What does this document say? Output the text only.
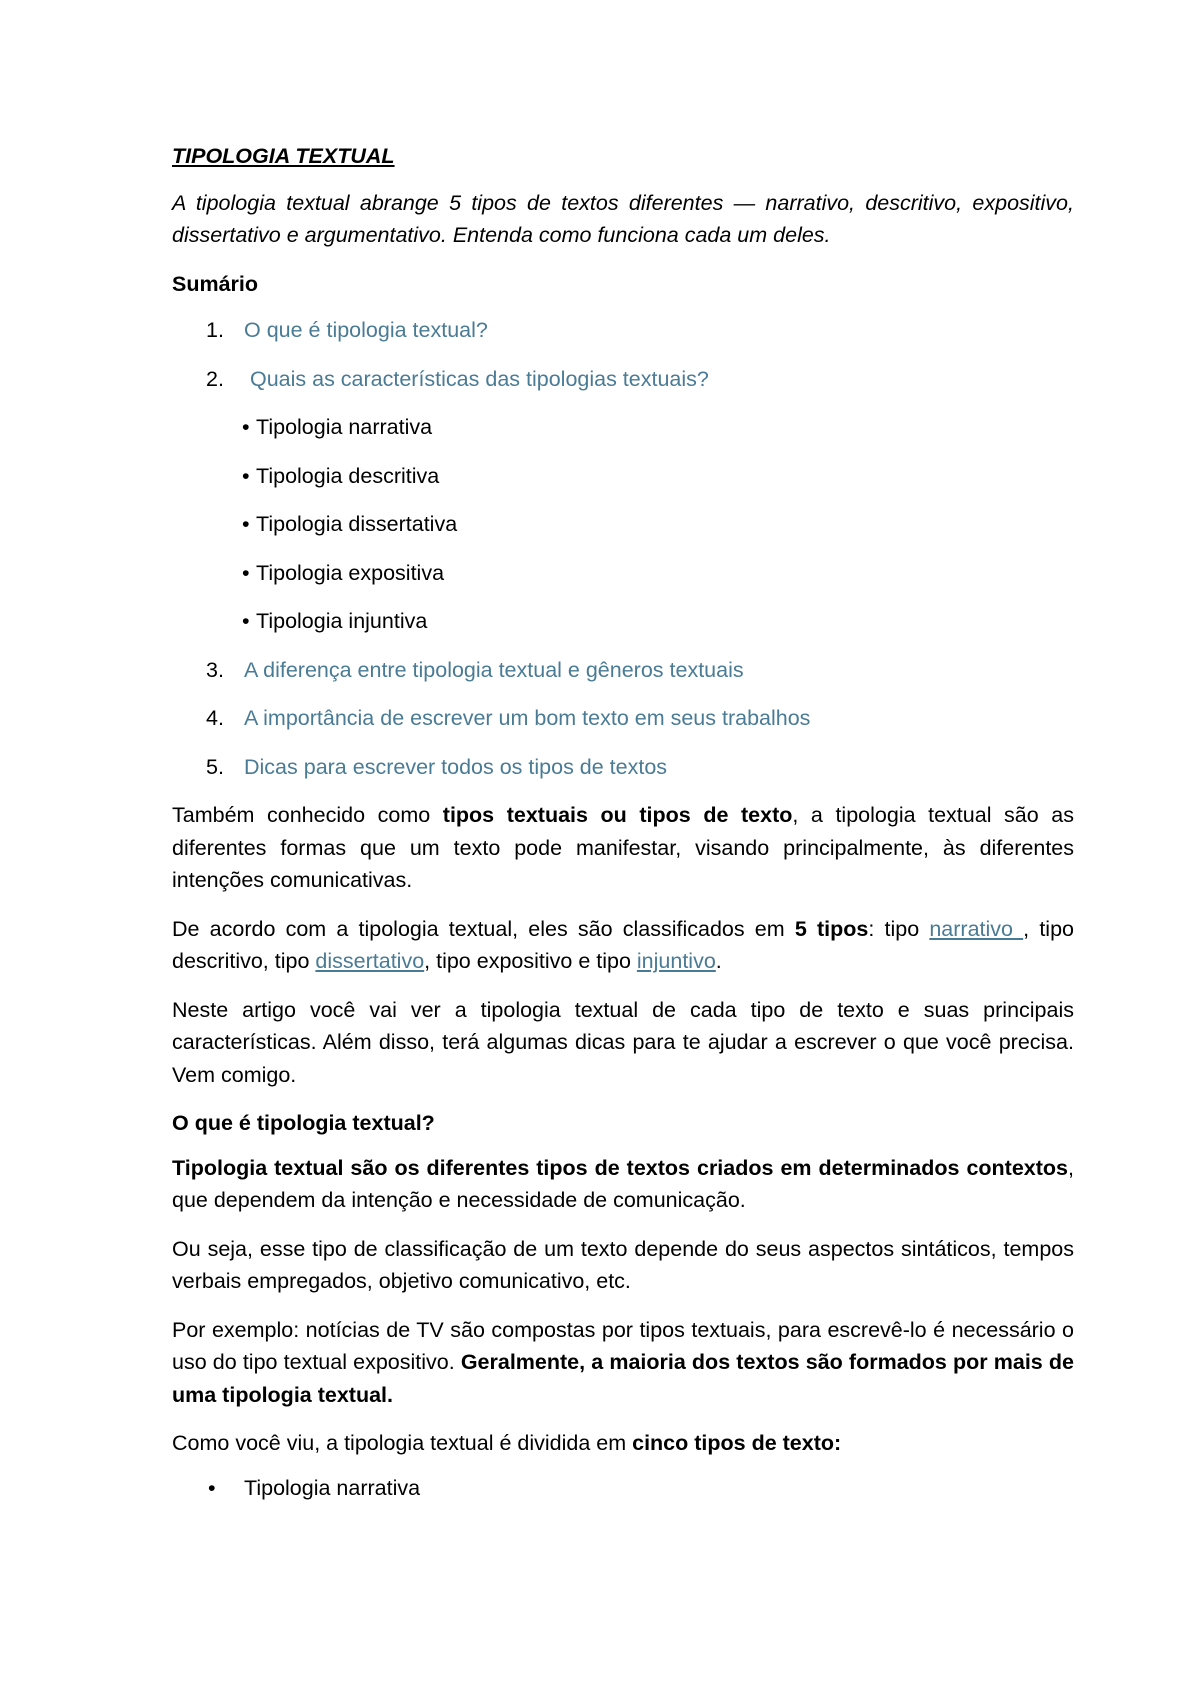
TIPOLOGIA TEXTUAL

A tipologia textual abrange 5 tipos de textos diferentes — narrativo, descritivo, expositivo, dissertativo e argumentativo. Entenda como funciona cada um deles.

Sumário

1. O que é tipologia textual?
2. Quais as características das tipologias textuais?
• Tipologia narrativa
• Tipologia descritiva
• Tipologia dissertativa
• Tipologia expositiva
• Tipologia injuntiva
3. A diferença entre tipologia textual e gêneros textuais
4. A importância de escrever um bom texto em seus trabalhos
5. Dicas para escrever todos os tipos de textos

Também conhecido como tipos textuais ou tipos de texto, a tipologia textual são as diferentes formas que um texto pode manifestar, visando principalmente, às diferentes intenções comunicativas.

De acordo com a tipologia textual, eles são classificados em 5 tipos: tipo narrativo , tipo descritivo, tipo dissertativo, tipo expositivo e tipo injuntivo.

Neste artigo você vai ver a tipologia textual de cada tipo de texto e suas principais características. Além disso, terá algumas dicas para te ajudar a escrever o que você precisa. Vem comigo.

O que é tipologia textual?

Tipologia textual são os diferentes tipos de textos criados em determinados contextos, que dependem da intenção e necessidade de comunicação.

Ou seja, esse tipo de classificação de um texto depende do seus aspectos sintáticos, tempos verbais empregados, objetivo comunicativo, etc.

Por exemplo: notícias de TV são compostas por tipos textuais, para escrevê-lo é necessário o uso do tipo textual expositivo. Geralmente, a maioria dos textos são formados por mais de uma tipologia textual.

Como você viu, a tipologia textual é dividida em cinco tipos de texto:

• Tipologia narrativa
